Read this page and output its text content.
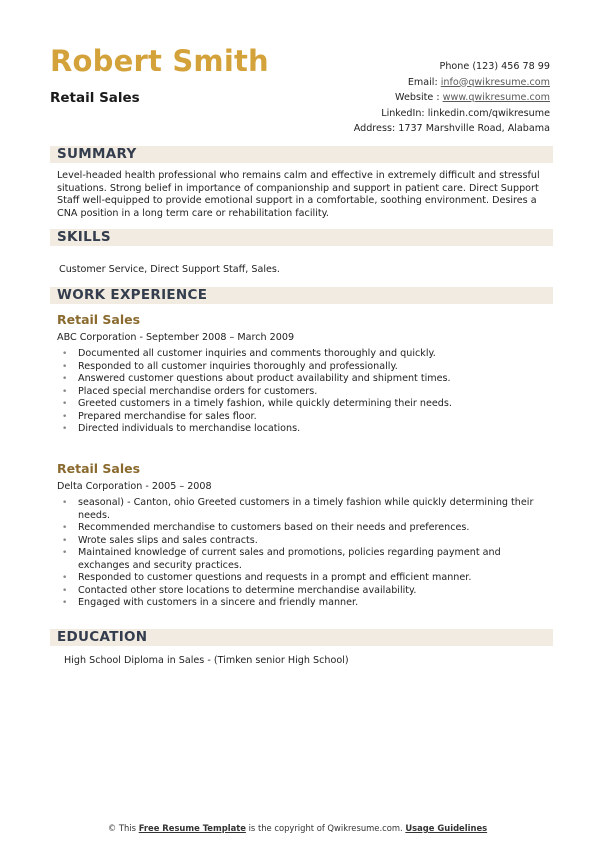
Robert Smith
Retail Sales
Phone (123) 456 78 99
Email: info@qwikresume.com
Website : www.qwikresume.com
LinkedIn: linkedin.com/qwikresume
Address: 1737 Marshville Road, Alabama
SUMMARY
Level-headed health professional who remains calm and effective in extremely difficult and stressful situations. Strong belief in importance of companionship and support in patient care. Direct Support Staff well-equipped to provide emotional support in a comfortable, soothing environment. Desires a CNA position in a long term care or rehabilitation facility.
SKILLS
Customer Service, Direct Support Staff, Sales.
WORK EXPERIENCE
Retail Sales
ABC Corporation - September 2008 – March 2009
• Documented all customer inquiries and comments thoroughly and quickly.
• Responded to all customer inquiries thoroughly and professionally.
• Answered customer questions about product availability and shipment times.
• Placed special merchandise orders for customers.
• Greeted customers in a timely fashion, while quickly determining their needs.
• Prepared merchandise for sales floor.
• Directed individuals to merchandise locations.
Retail Sales
Delta Corporation - 2005 – 2008
• seasonal) - Canton, ohio Greeted customers in a timely fashion while quickly determining their needs.
• Recommended merchandise to customers based on their needs and preferences.
• Wrote sales slips and sales contracts.
• Maintained knowledge of current sales and promotions, policies regarding payment and exchanges and security practices.
• Responded to customer questions and requests in a prompt and efficient manner.
• Contacted other store locations to determine merchandise availability.
• Engaged with customers in a sincere and friendly manner.
EDUCATION
High School Diploma in Sales - (Timken senior High School)
© This Free Resume Template is the copyright of Qwikresume.com. Usage Guidelines
